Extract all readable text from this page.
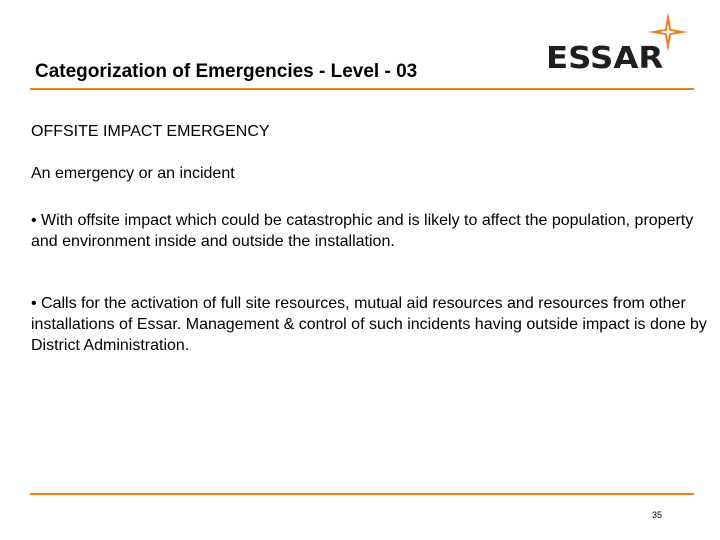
Categorization of Emergencies - Level - 03	ESSAR
OFFSITE IMPACT EMERGENCY
An emergency or an incident
• With offsite impact which could be catastrophic and is likely to affect the population, property and environment inside and outside the installation.
• Calls for the activation of full site resources, mutual aid resources and resources from other installations of Essar. Management & control of such incidents having outside impact is done by District Administration.
35
